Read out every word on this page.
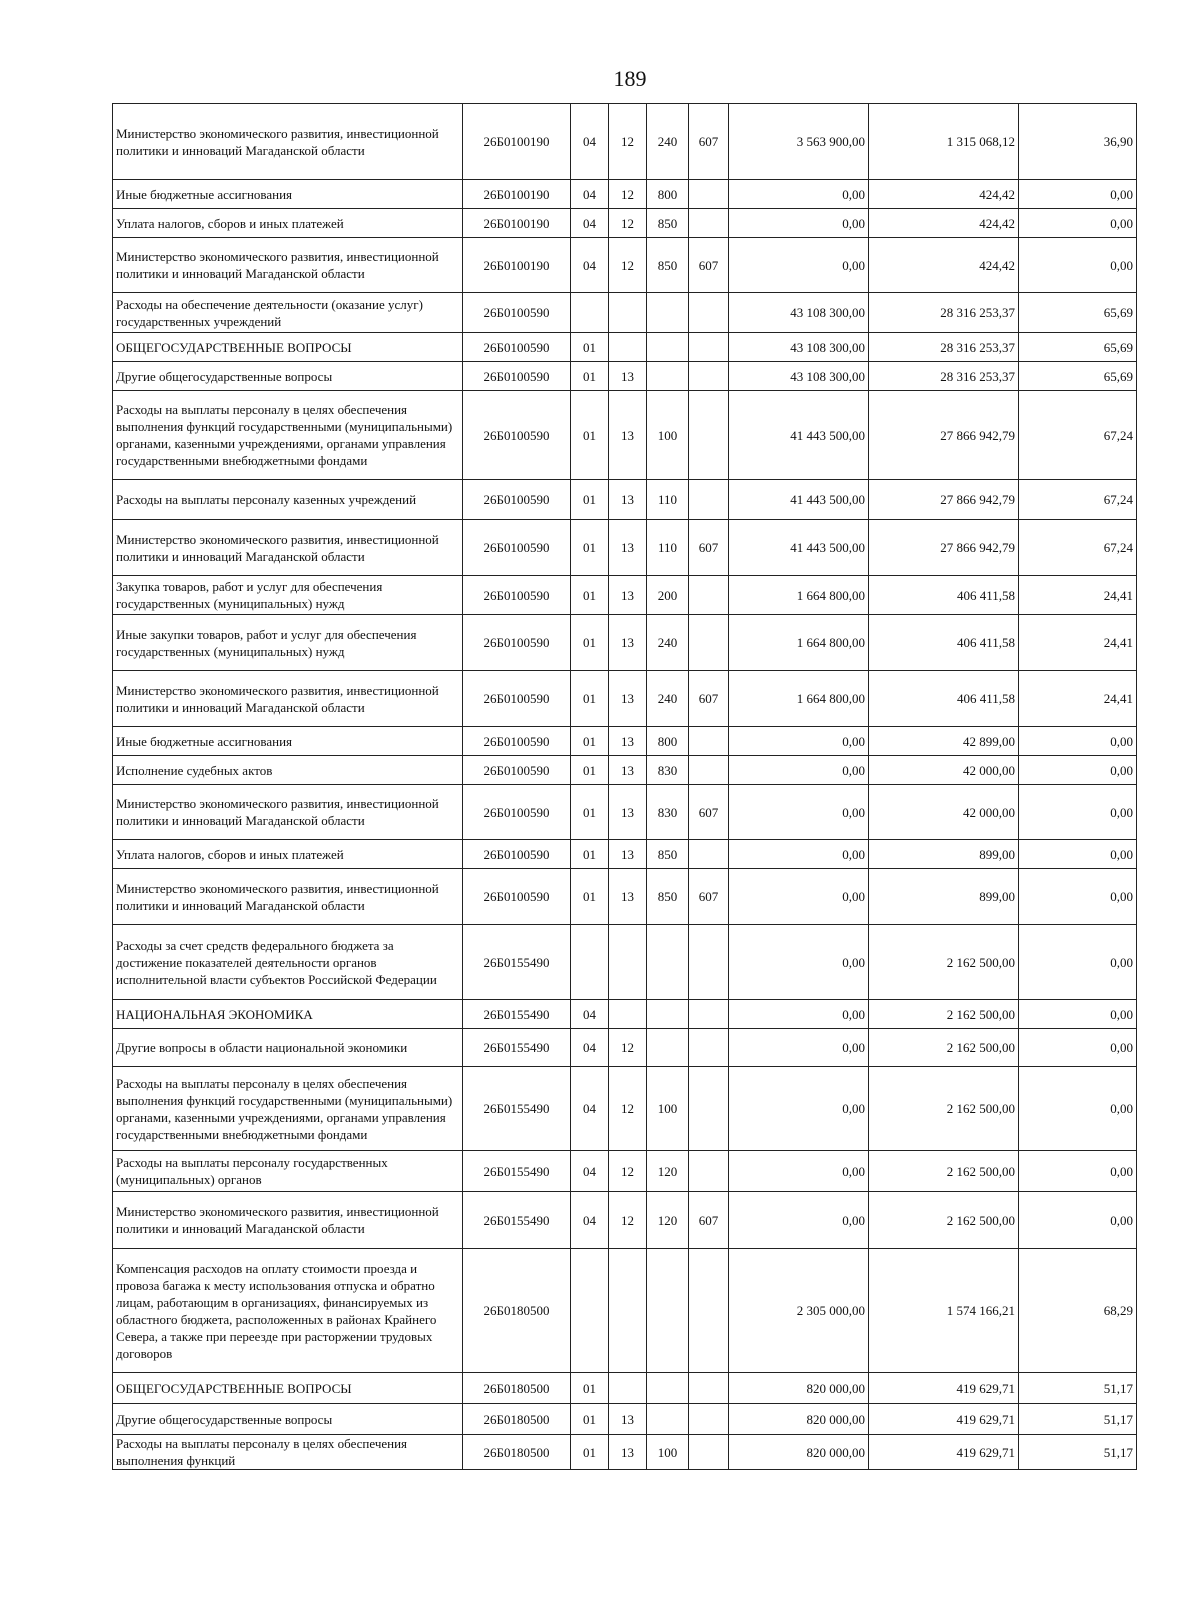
189
Министерство экономического развития, инвестиционной политики и инноваций Магаданской области	26Б0100190	04	12	240	607	3 563 900,00	1 315 068,12	36,90
Иные бюджетные ассигнования	26Б0100190	04	12	800		0,00	424,42	0,00
Уплата налогов, сборов и иных платежей	26Б0100190	04	12	850		0,00	424,42	0,00
Министерство экономического развития, инвестиционной политики и инноваций Магаданской области	26Б0100190	04	12	850	607	0,00	424,42	0,00
Расходы на обеспечение деятельности (оказание услуг) государственных учреждений	26Б0100590					43 108 300,00	28 316 253,37	65,69
ОБЩЕГОСУДАРСТВЕННЫЕ ВОПРОСЫ	26Б0100590	01				43 108 300,00	28 316 253,37	65,69
Другие общегосударственные вопросы	26Б0100590	01	13			43 108 300,00	28 316 253,37	65,69
Расходы на выплаты персоналу в целях обеспечения выполнения функций государственными (муниципальными) органами, казенными учреждениями, органами управления государственными внебюджетными фондами	26Б0100590	01	13	100		41 443 500,00	27 866 942,79	67,24
Расходы на выплаты персоналу казенных учреждений	26Б0100590	01	13	110		41 443 500,00	27 866 942,79	67,24
Министерство экономического развития, инвестиционной политики и инноваций Магаданской области	26Б0100590	01	13	110	607	41 443 500,00	27 866 942,79	67,24
Закупка товаров, работ и услуг для обеспечения государственных (муниципальных) нужд	26Б0100590	01	13	200		1 664 800,00	406 411,58	24,41
Иные закупки товаров, работ и услуг для обеспечения государственных (муниципальных) нужд	26Б0100590	01	13	240		1 664 800,00	406 411,58	24,41
Министерство экономического развития, инвестиционной политики и инноваций Магаданской области	26Б0100590	01	13	240	607	1 664 800,00	406 411,58	24,41
Иные бюджетные ассигнования	26Б0100590	01	13	800		0,00	42 899,00	0,00
Исполнение судебных актов	26Б0100590	01	13	830		0,00	42 000,00	0,00
Министерство экономического развития, инвестиционной политики и инноваций Магаданской области	26Б0100590	01	13	830	607	0,00	42 000,00	0,00
Уплата налогов, сборов и иных платежей	26Б0100590	01	13	850		0,00	899,00	0,00
Министерство экономического развития, инвестиционной политики и инноваций Магаданской области	26Б0100590	01	13	850	607	0,00	899,00	0,00
Расходы за счет средств федерального бюджета за достижение показателей деятельности органов исполнительной власти субъектов Российской Федерации	26Б0155490					0,00	2 162 500,00	0,00
НАЦИОНАЛЬНАЯ ЭКОНОМИКА	26Б0155490	04				0,00	2 162 500,00	0,00
Другие вопросы в области национальной экономики	26Б0155490	04	12			0,00	2 162 500,00	0,00
Расходы на выплаты персоналу в целях обеспечения выполнения функций государственными (муниципальными) органами, казенными учреждениями, органами управления государственными внебюджетными фондами	26Б0155490	04	12	100		0,00	2 162 500,00	0,00
Расходы на выплаты персоналу государственных (муниципальных) органов	26Б0155490	04	12	120		0,00	2 162 500,00	0,00
Министерство экономического развития, инвестиционной политики и инноваций Магаданской области	26Б0155490	04	12	120	607	0,00	2 162 500,00	0,00
Компенсация расходов на оплату стоимости проезда и провоза багажа к месту использования отпуска и обратно лицам, работающим в организациях, финансируемых из областного бюджета, расположенных в районах Крайнего Севера, а также при переезде при расторжении трудовых договоров	26Б0180500					2 305 000,00	1 574 166,21	68,29
ОБЩЕГОСУДАРСТВЕННЫЕ ВОПРОСЫ	26Б0180500	01				820 000,00	419 629,71	51,17
Другие общегосударственные вопросы	26Б0180500	01	13			820 000,00	419 629,71	51,17
Расходы на выплаты персоналу в целях обеспечения выполнения функций	26Б0180500	01	13	100		820 000,00	419 629,71	51,17
